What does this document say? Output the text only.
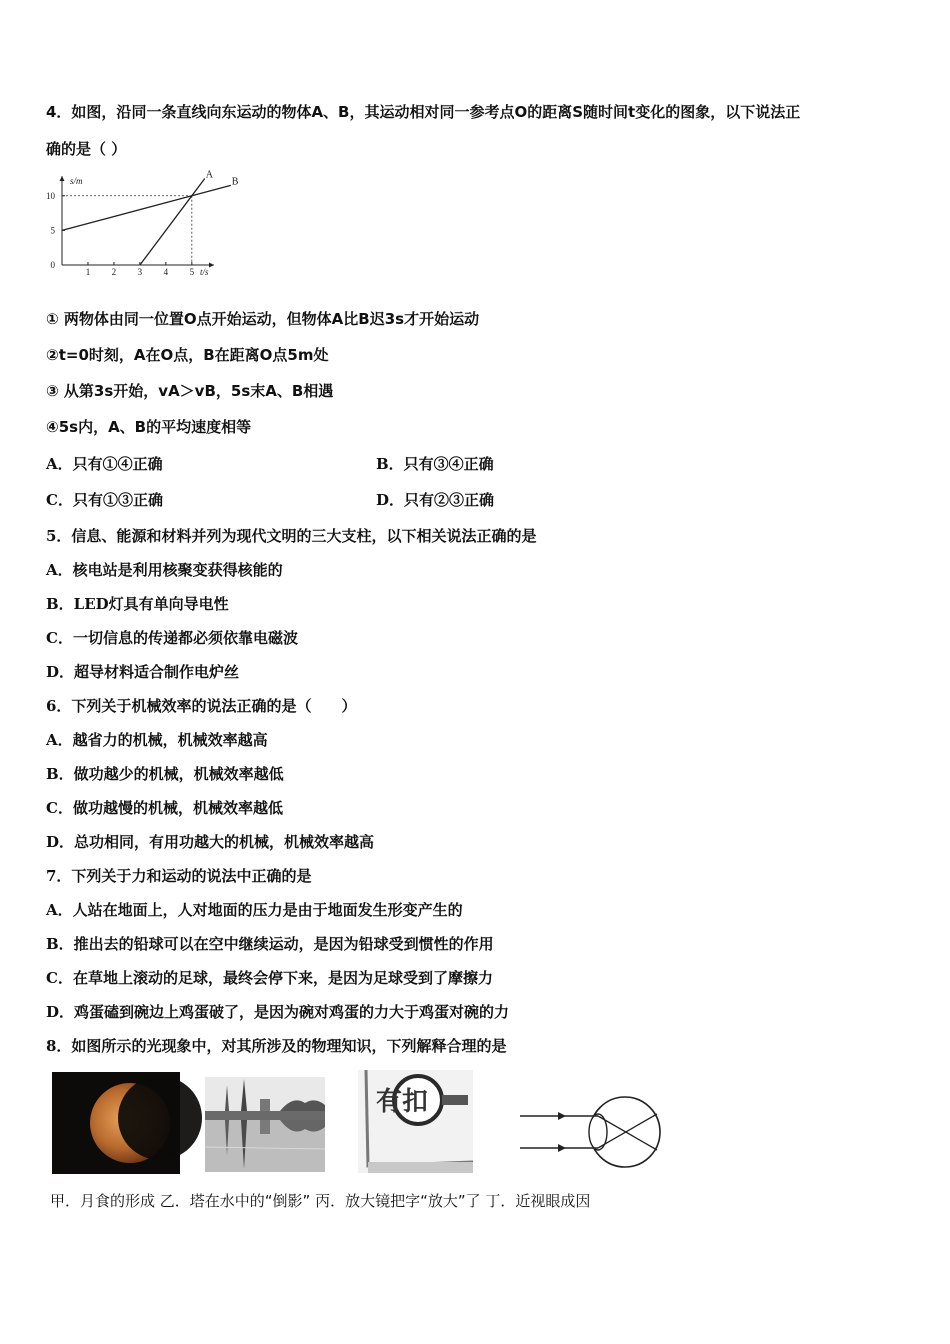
4．如图，沿同一条直线向东运动的物体A、B，其运动相对同一参考点O的距离S随时间t变化的图象，以下说法正
确的是（ ）
1 2 3 4 5
0
5
10
t/s
s/m
A
B
① 两物体由同一位置O点开始运动，但物体A比B迟3s才开始运动
②t=0时刻，A在O点，B在距离O点5m处
③ 从第3s开始，vA＞vB，5s末A、B相遇
④5s内，A、B的平均速度相等
A．只有①④正确	B．只有③④正确
C．只有①③正确	D．只有②③正确
5．信息、能源和材料并列为现代文明的三大支柱，以下相关说法正确的是
A．核电站是利用核聚变获得核能的
B．LED灯具有单向导电性
C．一切信息的传递都必须依靠电磁波
D．超导材料适合制作电炉丝
6．下列关于机械效率的说法正确的是（　　）
A．越省力的机械，机械效率越高
B．做功越少的机械，机械效率越低
C．做功越慢的机械，机械效率越低
D．总功相同，有用功越大的机械，机械效率越高
7．下列关于力和运动的说法中正确的是
A．人站在地面上，人对地面的压力是由于地面发生形变产生的
B．推出去的铅球可以在空中继续运动，是因为铅球受到惯性的作用
C．在草地上滚动的足球，最终会停下来，是因为足球受到了摩擦力
D．鸡蛋磕到碗边上鸡蛋破了，是因为碗对鸡蛋的力大于鸡蛋对碗的力
8．如图所示的光现象中，对其所涉及的物理知识，下列解释合理的是
有扣
甲．月食的形成 乙．塔在水中的“倒影” 丙．放大镜把字“放大”了 丁．近视眼成因
